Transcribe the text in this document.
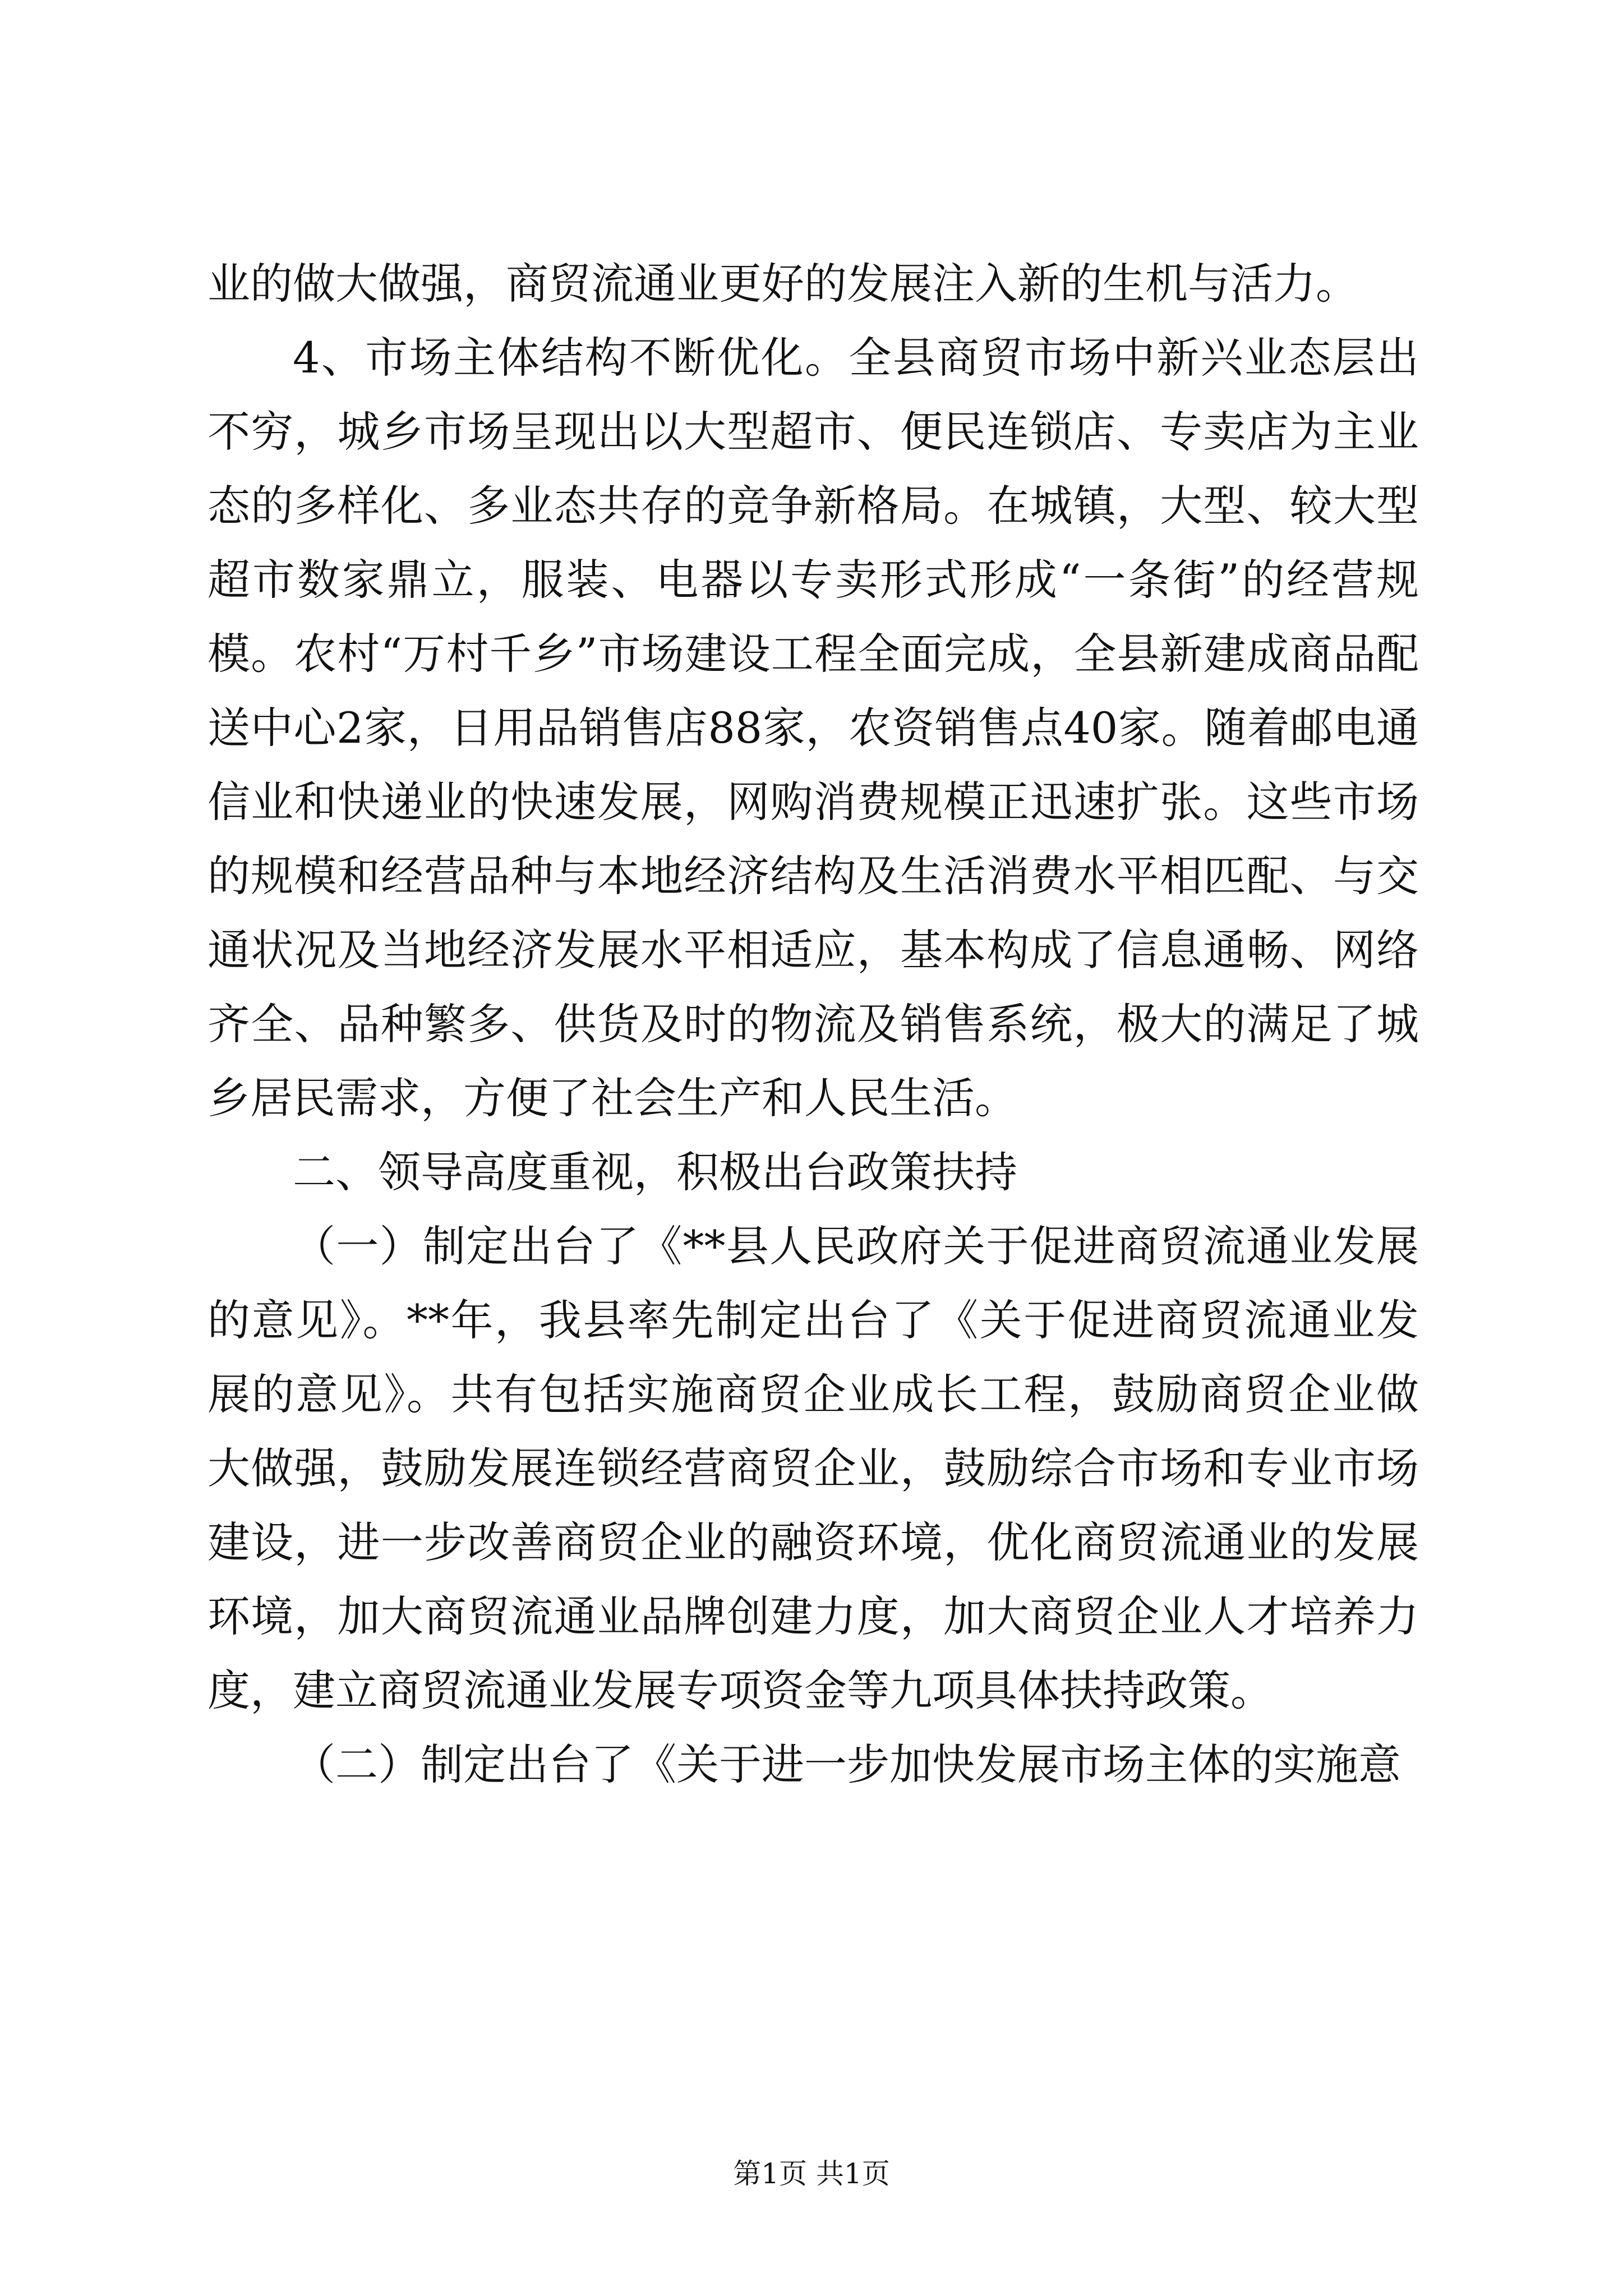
业的做大做强，商贸流通业更好的发展注入新的生机与活力。

4、市场主体结构不断优化。全县商贸市场中新兴业态层出不穷，城乡市场呈现出以大型超市、便民连锁店、专卖店为主业态的多样化、多业态共存的竞争新格局。在城镇，大型、较大型超市数家鼎立，服装、电器以专卖形式形成“一条街”的经营规模。农村“万村千乡”市场建设工程全面完成，全县新建成商品配送中心2家，日用品销售店88家，农资销售点40家。随着邮电通信业和快递业的快速发展，网购消费规模正迅速扩张。这些市场的规模和经营品种与本地经济结构及生活消费水平相匹配、与交通状况及当地经济发展水平相适应，基本构成了信息通畅、网络齐全、品种繁多、供货及时的物流及销售系统，极大的满足了城乡居民需求，方便了社会生产和人民生活。

二、领导高度重视，积极出台政策扶持

（一）制定出台了《**县人民政府关于促进商贸流通业发展的意见》。**年，我县率先制定出台了《关于促进商贸流通业发展的意见》。共有包括实施商贸企业成长工程，鼓励商贸企业做大做强，鼓励发展连锁经营商贸企业，鼓励综合市场和专业市场建设，进一步改善商贸企业的融资环境，优化商贸流通业的发展环境，加大商贸流通业品牌创建力度，加大商贸企业人才培养力度，建立商贸流通业发展专项资金等九项具体扶持政策。

（二）制定出台了《关于进一步加快发展市场主体的实施意

第1页 共1页
